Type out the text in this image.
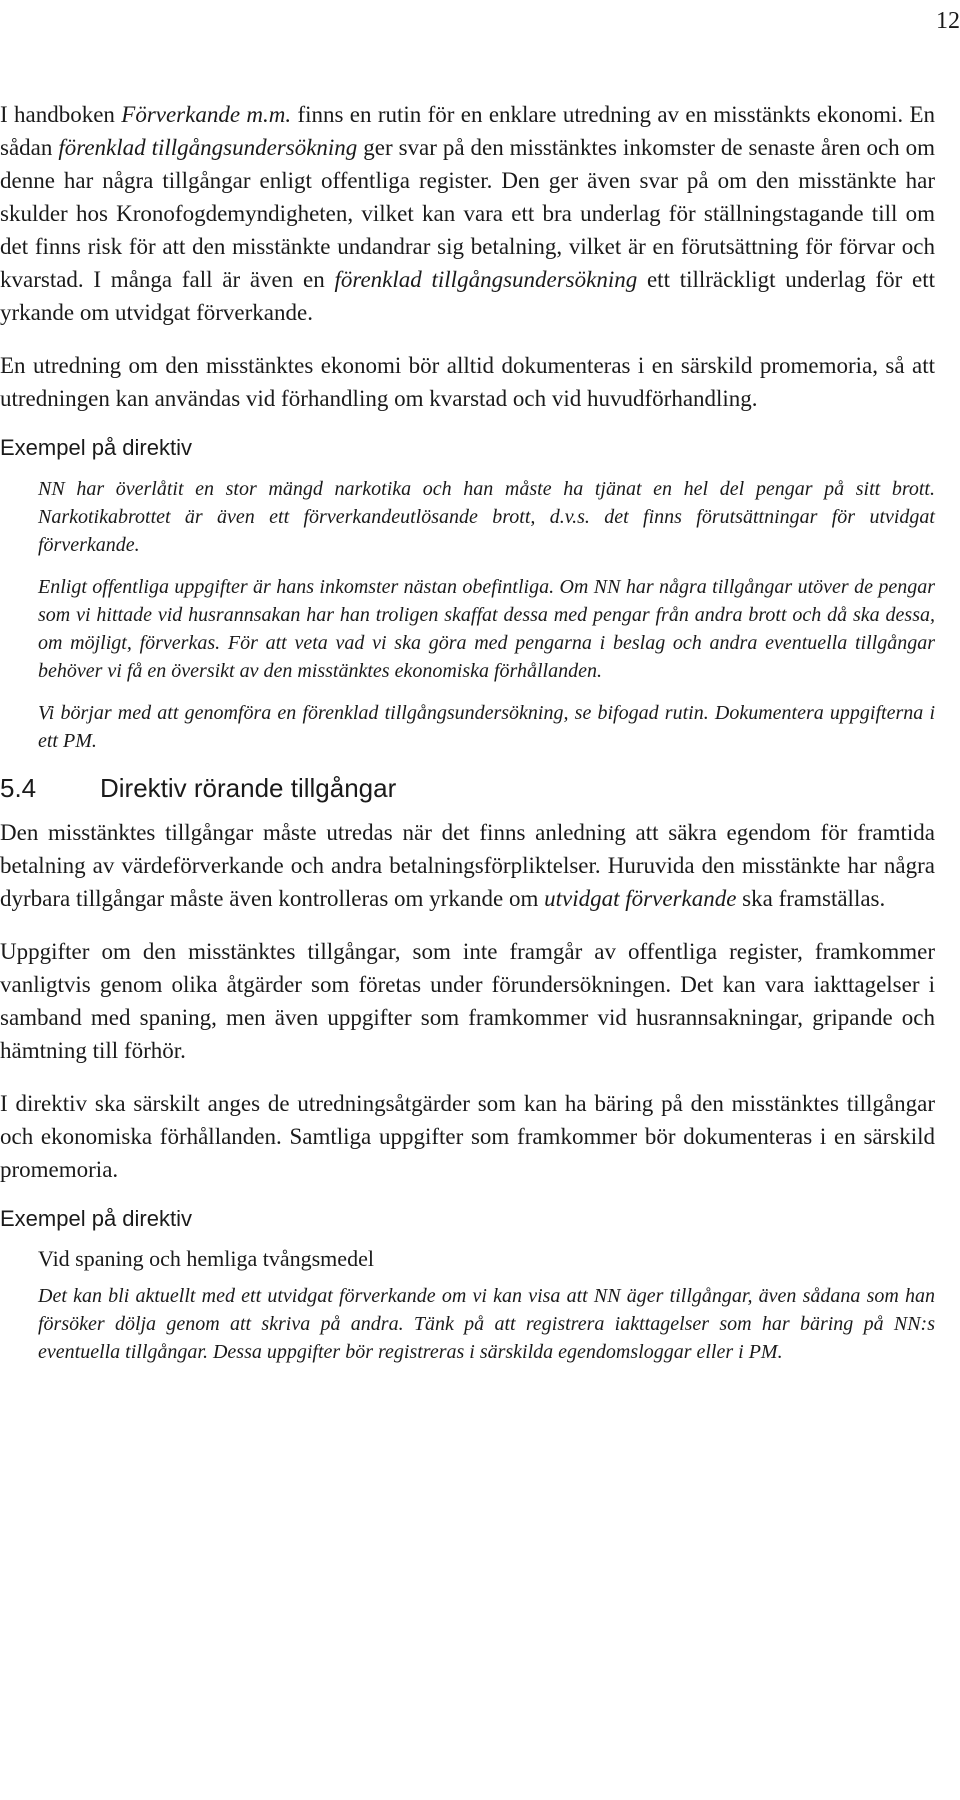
12

I handboken Förverkande m.m. finns en rutin för en enklare utredning av en misstänkts ekonomi. En sådan förenklad tillgångsundersökning ger svar på den misstänktes inkomster de senaste åren och om denne har några tillgångar enligt offentliga register. Den ger även svar på om den misstänkte har skulder hos Kronofogdemyndigheten, vilket kan vara ett bra underlag för ställningstagande till om det finns risk för att den misstänkte undandrar sig betalning, vilket är en förutsättning för förvar och kvarstad. I många fall är även en förenklad tillgångsundersökning ett tillräckligt underlag för ett yrkande om utvidgat förverkande.

En utredning om den misstänktes ekonomi bör alltid dokumenteras i en särskild promemoria, så att utredningen kan användas vid förhandling om kvarstad och vid huvudförhandling.

Exempel på direktiv

NN har överlåtit en stor mängd narkotika och han måste ha tjänat en hel del pengar på sitt brott. Narkotikabrottet är även ett förverkandeutlösande brott, d.v.s. det finns förutsättningar för utvidgat förverkande.

Enligt offentliga uppgifter är hans inkomster nästan obefintliga. Om NN har några tillgångar utöver de pengar som vi hittade vid husrannsakan har han troligen skaffat dessa med pengar från andra brott och då ska dessa, om möjligt, förverkas. För att veta vad vi ska göra med pengarna i beslag och andra eventuella tillgångar behöver vi få en översikt av den misstänktes ekonomiska förhållanden.

Vi börjar med att genomföra en förenklad tillgångsundersökning, se bifogad rutin. Dokumentera uppgifterna i ett PM.

5.4 Direktiv rörande tillgångar

Den misstänktes tillgångar måste utredas när det finns anledning att säkra egendom för framtida betalning av värdeförverkande och andra betalningsförpliktelser. Huruvida den misstänkte har några dyrbara tillgångar måste även kontrolleras om yrkande om utvidgat förverkande ska framställas.

Uppgifter om den misstänktes tillgångar, som inte framgår av offentliga register, framkommer vanligtvis genom olika åtgärder som företas under förundersökningen. Det kan vara iakttagelser i samband med spaning, men även uppgifter som framkommer vid husrannsakningar, gripande och hämtning till förhör.

I direktiv ska särskilt anges de utredningsåtgärder som kan ha bäring på den misstänktes tillgångar och ekonomiska förhållanden. Samtliga uppgifter som framkommer bör dokumenteras i en särskild promemoria.

Exempel på direktiv
Vid spaning och hemliga tvångsmedel

Det kan bli aktuellt med ett utvidgat förverkande om vi kan visa att NN äger tillgångar, även sådana som han försöker dölja genom att skriva på andra. Tänk på att registrera iakttagelser som har bäring på NN:s eventuella tillgångar. Dessa uppgifter bör registreras i särskilda egendomsloggar eller i PM.
